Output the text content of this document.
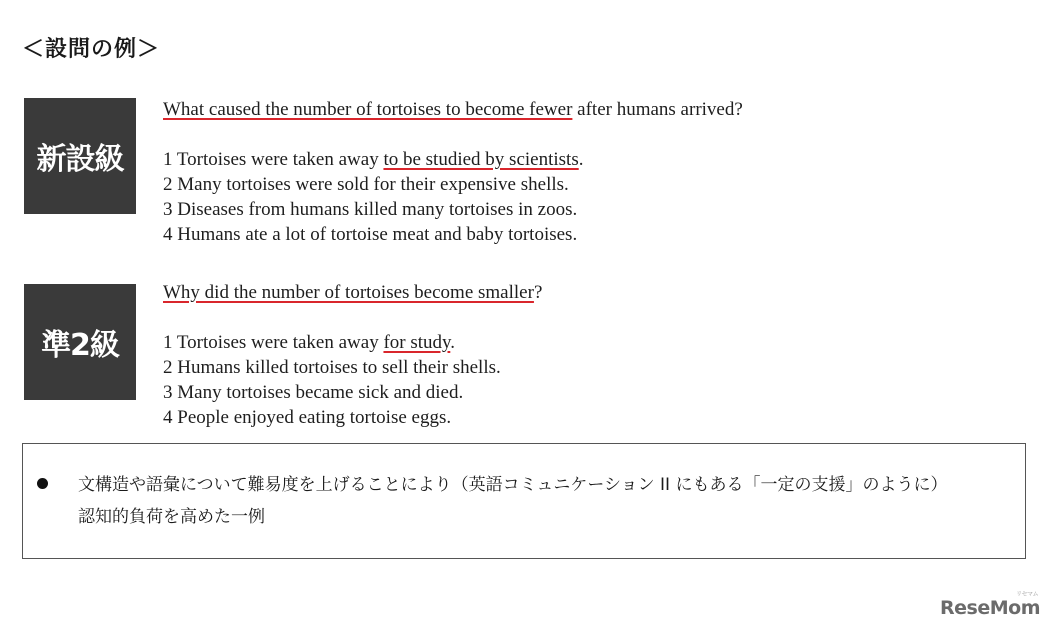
＜設問の例＞
新設級
What caused the number of tortoises to become fewer after humans arrived?
1 Tortoises were taken away to be studied by scientists.
2 Many tortoises were sold for their expensive shells.
3 Diseases from humans killed many tortoises in zoos.
4 Humans ate a lot of tortoise meat and baby tortoises.
準2級
Why did the number of tortoises become smaller?
1 Tortoises were taken away for study.
2 Humans killed tortoises to sell their shells.
3 Many tortoises became sick and died.
4 People enjoyed eating tortoise eggs.
文構造や語彙について難易度を上げることにより（英語コミュニケーション II にもある「一定の支援」のように）
認知的負荷を高めた一例
ReseMom
リセマム
